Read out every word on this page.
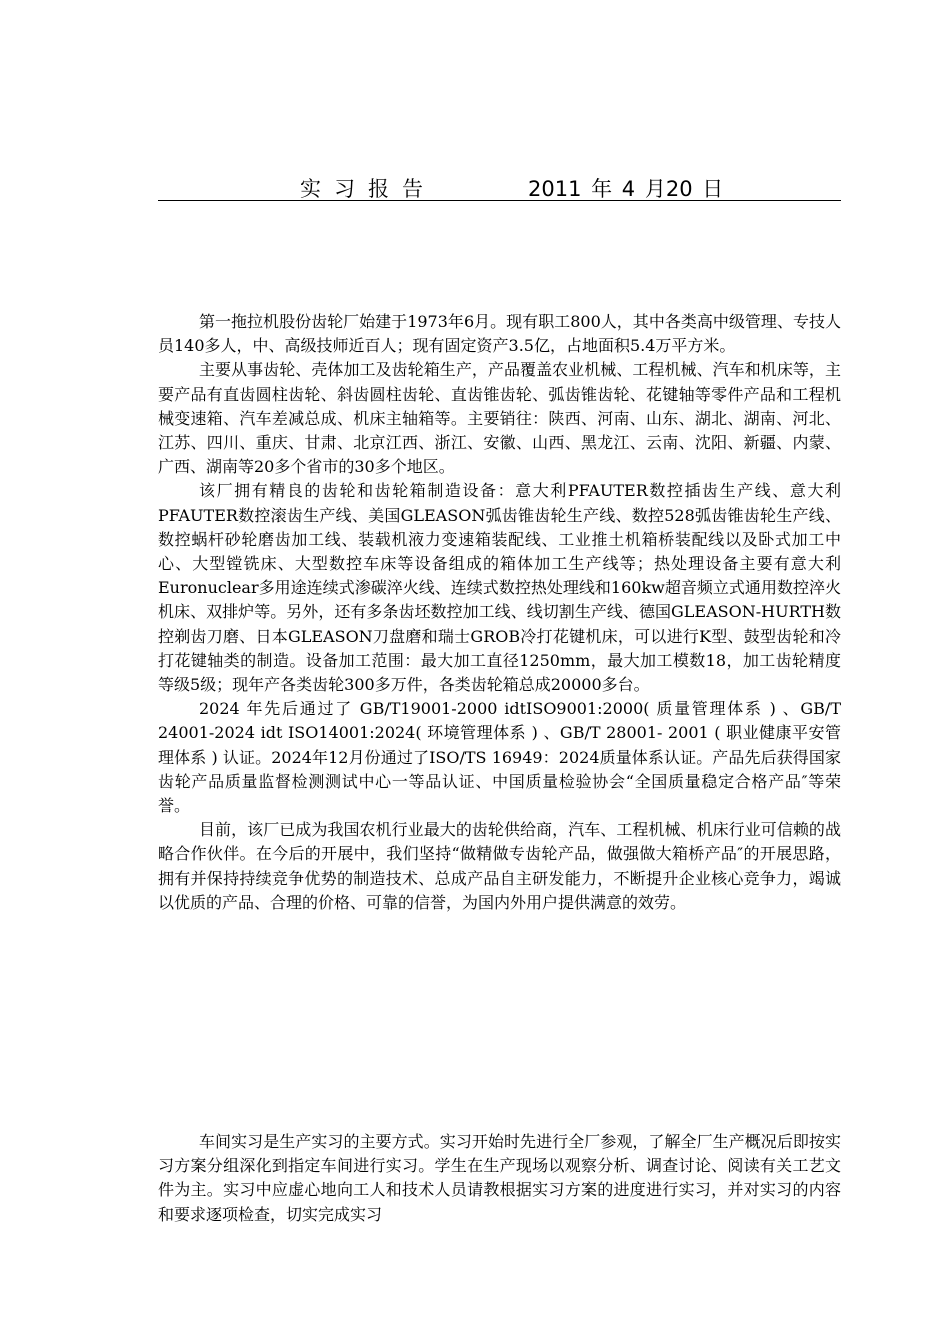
实习报告	2011 年 4 月20 日

第一拖拉机股份齿轮厂始建于1973年6月。现有职工800人，其中各类高中级管理、专技人员140多人，中、高级技师近百人；现有固定资产3.5亿，占地面积5.4万平方米。

主要从事齿轮、壳体加工及齿轮箱生产，产品覆盖农业机械、工程机械、汽车和机床等，主要产品有直齿圆柱齿轮、斜齿圆柱齿轮、直齿锥齿轮、弧齿锥齿轮、花键轴等零件产品和工程机械变速箱、汽车差减总成、机床主轴箱等。主要销往：陕西、河南、山东、湖北、湖南、河北、江苏、四川、重庆、甘肃、北京江西、浙江、安徽、山西、黑龙江、云南、沈阳、新疆、内蒙、广西、湖南等20多个省市的30多个地区。

该厂拥有精良的齿轮和齿轮箱制造设备：意大利PFAUTER数控插齿生产线、意大利PFAUTER数控滚齿生产线、美国GLEASON弧齿锥齿轮生产线、数控528弧齿锥齿轮生产线、数控蜗杆砂轮磨齿加工线、装载机液力变速箱装配线、工业推土机箱桥装配线以及卧式加工中心、大型镗铣床、大型数控车床等设备组成的箱体加工生产线等；热处理设备主要有意大利Euronuclear多用途连续式渗碳淬火线、连续式数控热处理线和160kw超音频立式通用数控淬火机床、双排炉等。另外，还有多条齿坯数控加工线、线切割生产线、德国GLEASON-HURTH数控剃齿刀磨、日本GLEASON刀盘磨和瑞士GROB冷打花键机床，可以进行K型、鼓型齿轮和冷打花键轴类的制造。设备加工范围：最大加工直径1250mm，最大加工模数18，加工齿轮精度等级5级；现年产各类齿轮300多万件，各类齿轮箱总成20000多台。

2024 年先后通过了 GB/T19001-2000 idtISO9001:2000( 质量管理体系 ) 、GB/T 24001-2024 idt ISO14001:2024( 环境管理体系 ) 、GB/T 28001- 2001 ( 职业健康平安管理体系 ) 认证。2024年12月份通过了ISO/TS 16949：2024质量体系认证。产品先后获得国家齿轮产品质量监督检测测试中心一等品认证、中国质量检验协会“全国质量稳定合格产品″等荣誉。

目前，该厂已成为我国农机行业最大的齿轮供给商，汽车、工程机械、机床行业可信赖的战略合作伙伴。在今后的开展中，我们坚持“做精做专齿轮产品，做强做大箱桥产品″的开展思路，拥有并保持持续竞争优势的制造技术、总成产品自主研发能力，不断提升企业核心竞争力，竭诚以优质的产品、合理的价格、可靠的信誉，为国内外用户提供满意的效劳。

车间实习是生产实习的主要方式。实习开始时先进行全厂参观，了解全厂生产概况后即按实习方案分组深化到指定车间进行实习。学生在生产现场以观察分析、调查讨论、阅读有关工艺文件为主。实习中应虚心地向工人和技术人员请教根据实习方案的进度进行实习，并对实习的内容和要求逐项检查，切实完成实习
